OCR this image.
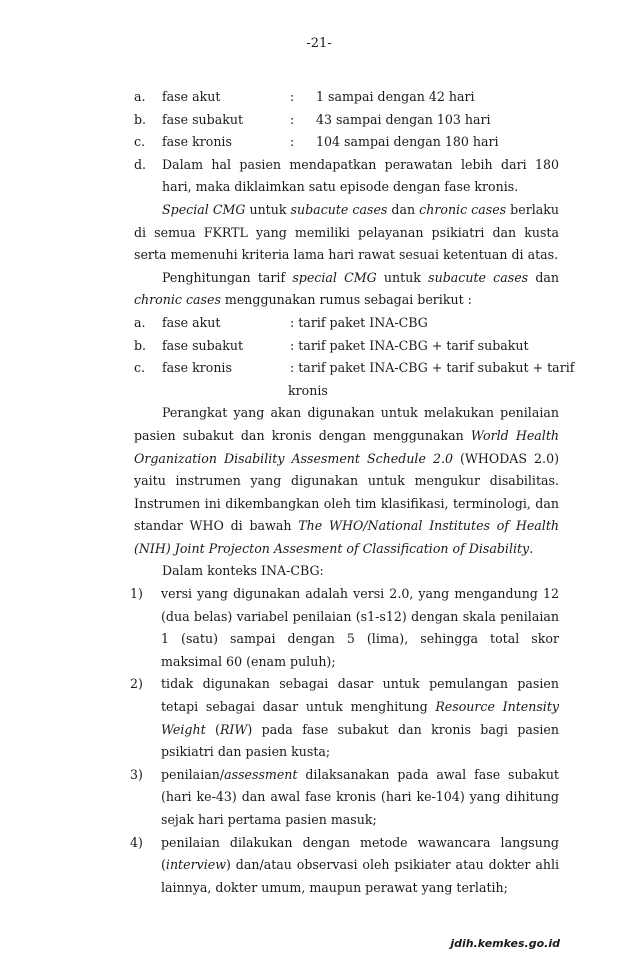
-21-
a.	fase akut	:	1 sampai dengan 42 hari
b.	fase subakut	:	43 sampai dengan 103 hari
c.	fase kronis	:	104 sampai dengan 180 hari
d.	Dalam hal pasien mendapatkan perawatan lebih dari 180 hari, maka diklaimkan satu episode dengan fase kronis.

Special CMG untuk subacute cases dan chronic cases berlaku di semua FKRTL yang memiliki pelayanan psikiatri dan kusta serta memenuhi kriteria lama hari rawat sesuai ketentuan di atas.

Penghitungan tarif special CMG untuk subacute cases dan chronic cases menggunakan rumus sebagai berikut :

a.	fase akut	: tarif paket INA-CBG
b.	fase subakut	: tarif paket INA-CBG + tarif subakut
c.	fase kronis	: tarif paket INA-CBG + tarif subakut + tarif
kronis

Perangkat yang akan digunakan untuk melakukan penilaian pasien subakut dan kronis dengan menggunakan World Health Organization Disability Assesment Schedule 2.0 (WHODAS 2.0) yaitu instrumen yang digunakan untuk mengukur disabilitas. Instrumen ini dikembangkan oleh tim klasifikasi, terminologi, dan standar WHO di bawah The WHO/National Institutes of Health (NIH) Joint Projecton Assesment of Classification of Disability.

Dalam konteks INA-CBG:

1)	versi yang digunakan adalah versi 2.0, yang mengandung 12 (dua belas) variabel penilaian (s1-s12) dengan skala penilaian 1 (satu) sampai dengan 5 (lima), sehingga total skor maksimal 60 (enam puluh);
2)	tidak digunakan sebagai dasar untuk pemulangan pasien tetapi sebagai dasar untuk menghitung Resource Intensity Weight (RIW) pada fase subakut dan kronis bagi pasien psikiatri dan pasien kusta;
3)	penilaian/assessment dilaksanakan pada awal fase subakut (hari ke-43) dan awal fase kronis (hari ke-104) yang dihitung sejak hari pertama pasien masuk;
4)	penilaian dilakukan dengan metode wawancara langsung (interview) dan/atau observasi oleh psikiater atau dokter ahli lainnya, dokter umum, maupun perawat yang terlatih;
jdih.kemkes.go.id
